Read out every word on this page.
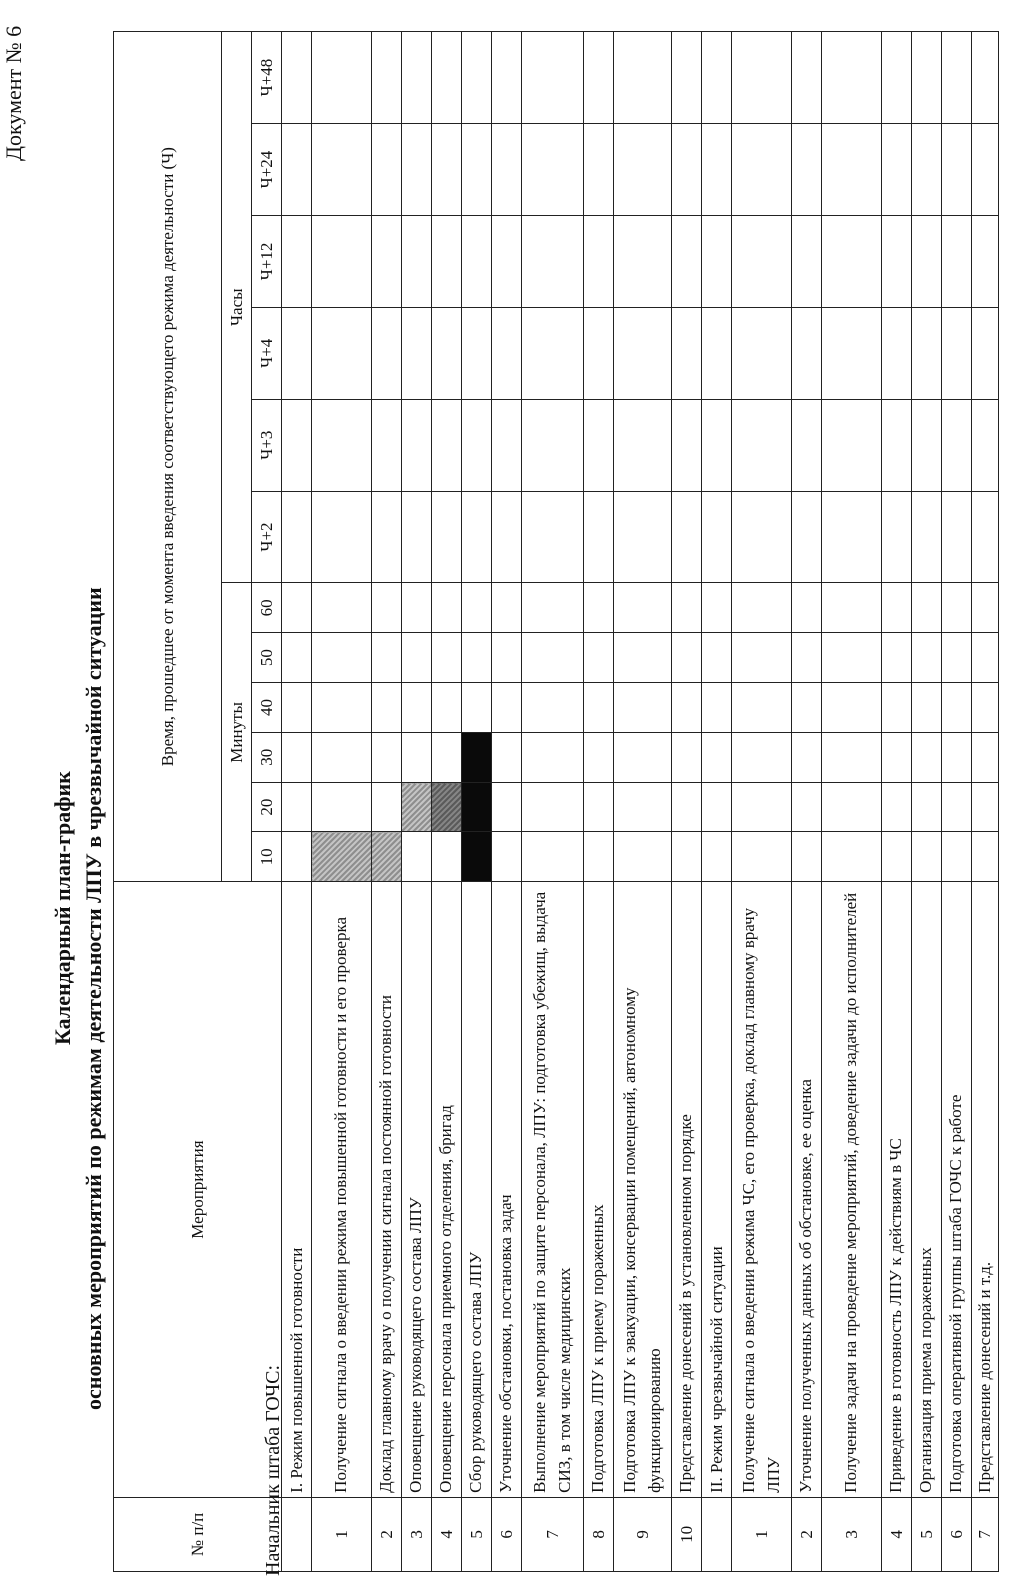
Документ № 6
Календарный план-график основных мероприятий по режимам деятельности ЛПУ в чрезвычайной ситуации
№ п/п	Мероприятия	Время, прошедшее от момента введения соответствующего режима деятельности (Ч)											
		Минуты						Часы					
		10	20	30	40	50	60	Ч+2	Ч+3	Ч+4	Ч+12	Ч+24	Ч+48
	I. Режим повышенной готовности												
1	Получение сигнала о введении режима повышенной готовности и его проверка												
2	Доклад главному врачу о получении сигнала постоянной готовности												
3	Оповещение руководящего состава ЛПУ												
4	Оповещение персонала приемного отделения, бригад												
5	Сбор руководящего состава ЛПУ												
6	Уточнение обстановки, постановка задач												
7	Выполнение мероприятий по защите персонала, ЛПУ: подготовка убежищ, выдача СИЗ, в том числе медицинских												
8	Подготовка ЛПУ к приему пораженных												
9	Подготовка ЛПУ к эвакуации, консервации помещений, автономному функционированию												
10	Представление донесений в установленном порядке												
	II. Режим чрезвычайной ситуации												
1	Получение сигнала о введении режима ЧС, его проверка, доклад главному врачу ЛПУ												
2	Уточнение полученных данных об обстановке, ее оценка												
3	Получение задачи на проведение мероприятий, доведение задачи до исполнителей												
4	Приведение в готовность ЛПУ к действиям в ЧС												
5	Организация приема пораженных												
6	Подготовка оперативной группы штаба ГОЧС к работе												
7	Представление донесений и т.д.												
Начальник штаба ГОЧС:
